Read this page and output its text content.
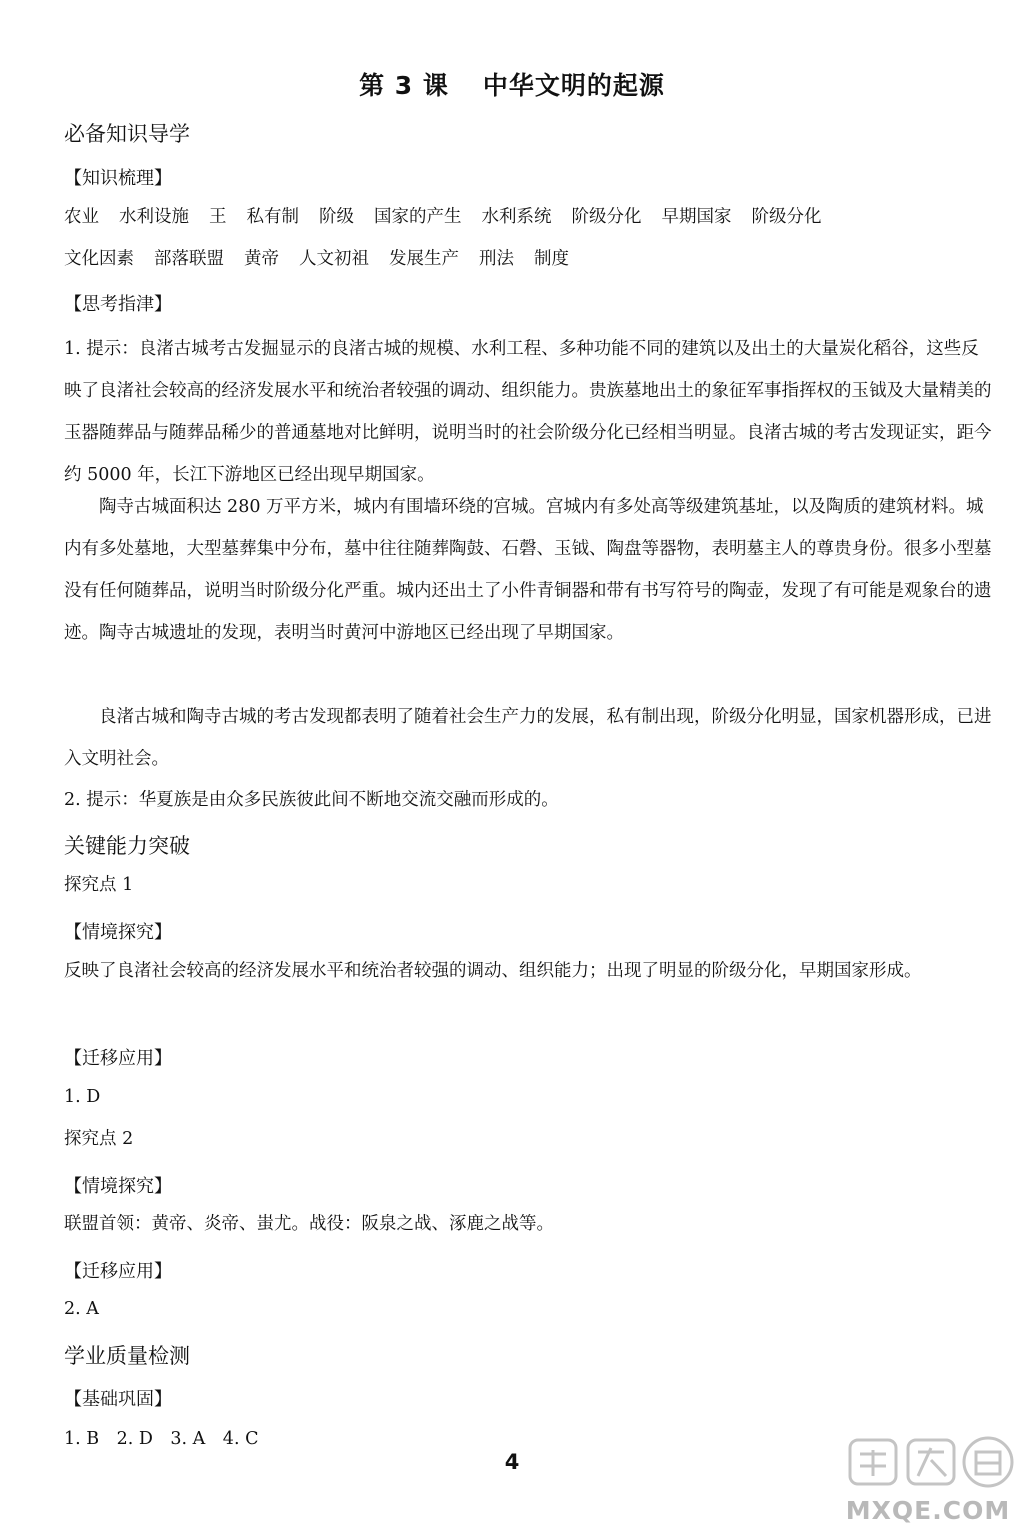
第 3 课 中华文明的起源
必备知识导学
【知识梳理】
农业 水利设施 王 私有制 阶级 国家的产生 水利系统 阶级分化 早期国家 阶级分化
文化因素 部落联盟 黄帝 人文初祖 发展生产 刑法 制度
【思考指津】
1. 提示：良渚古城考古发掘显示的良渚古城的规模、水利工程、多种功能不同的建筑以及出土的大量炭化稻谷，这些反映了良渚社会较高的经济发展水平和统治者较强的调动、组织能力。贵族墓地出土的象征军事指挥权的玉钺及大量精美的玉器随葬品与随葬品稀少的普通墓地对比鲜明，说明当时的社会阶级分化已经相当明显。良渚古城的考古发现证实，距今约 5000 年，长江下游地区已经出现早期国家。
陶寺古城面积达 280 万平方米，城内有围墙环绕的宫城。宫城内有多处高等级建筑基址，以及陶质的建筑材料。城内有多处墓地，大型墓葬集中分布，墓中往往随葬陶鼓、石磬、玉钺、陶盘等器物，表明墓主人的尊贵身份。很多小型墓没有任何随葬品，说明当时阶级分化严重。城内还出土了小件青铜器和带有书写符号的陶壶，发现了有可能是观象台的遗迹。陶寺古城遗址的发现，表明当时黄河中游地区已经出现了早期国家。
良渚古城和陶寺古城的考古发现都表明了随着社会生产力的发展，私有制出现，阶级分化明显，国家机器形成，已进入文明社会。
2. 提示：华夏族是由众多民族彼此间不断地交流交融而形成的。
关键能力突破
探究点 1
【情境探究】
反映了良渚社会较高的经济发展水平和统治者较强的调动、组织能力；出现了明显的阶级分化，早期国家形成。
【迁移应用】
1. D
探究点 2
【情境探究】
联盟首领：黄帝、炎帝、蚩尤。战役：阪泉之战、涿鹿之战等。
【迁移应用】
2. A
学业质量检测
【基础巩固】
1. B　2. D　3. A　4. C
4
MXQE.COM
